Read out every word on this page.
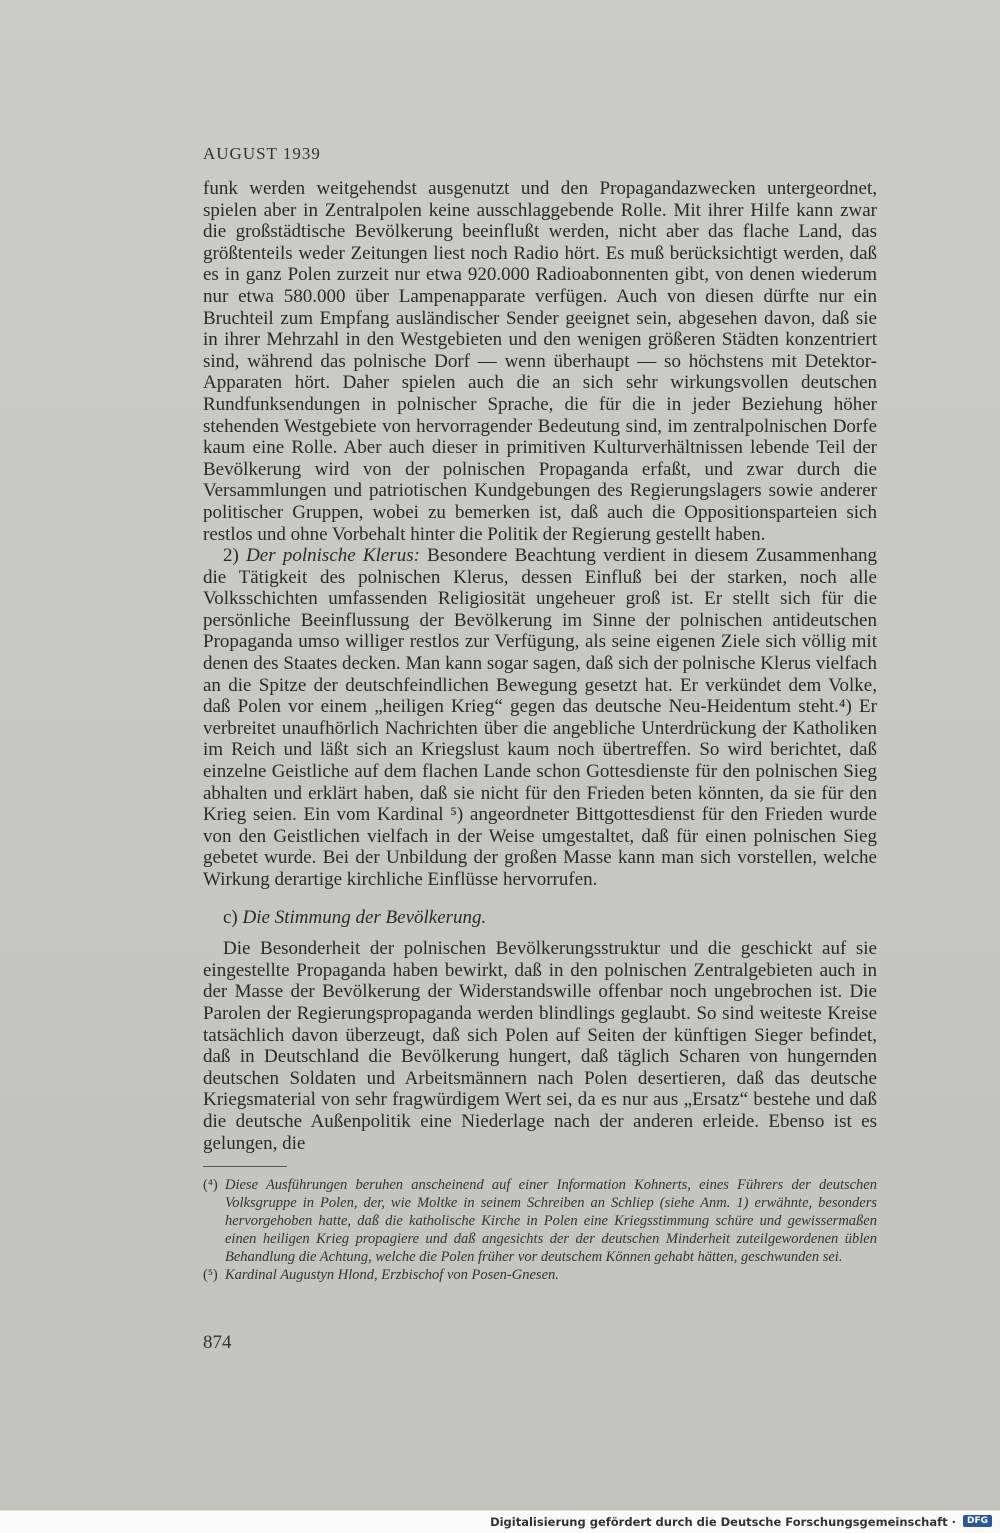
AUGUST 1939

funk werden weitgehendst ausgenutzt und den Propagandazwecken untergeordnet, spielen aber in Zentralpolen keine ausschlaggebende Rolle. Mit ihrer Hilfe kann zwar die großstädtische Bevölkerung beeinflußt werden, nicht aber das flache Land, das größtenteils weder Zeitungen liest noch Radio hört. Es muß berücksichtigt werden, daß es in ganz Polen zurzeit nur etwa 920.000 Radioabonnenten gibt, von denen wiederum nur etwa 580.000 über Lampenapparate verfügen. Auch von diesen dürfte nur ein Bruchteil zum Empfang ausländischer Sender geeignet sein, abgesehen davon, daß sie in ihrer Mehrzahl in den Westgebieten und den wenigen größeren Städten konzentriert sind, während das polnische Dorf — wenn überhaupt — so höchstens mit Detektor-Apparaten hört. Daher spielen auch die an sich sehr wirkungsvollen deutschen Rundfunksendungen in polnischer Sprache, die für die in jeder Beziehung höher stehenden Westgebiete von hervorragender Bedeutung sind, im zentralpolnischen Dorfe kaum eine Rolle. Aber auch dieser in primitiven Kulturverhältnissen lebende Teil der Bevölkerung wird von der polnischen Propaganda erfaßt, und zwar durch die Versammlungen und patriotischen Kundgebungen des Regierungslagers sowie anderer politischer Gruppen, wobei zu bemerken ist, daß auch die Oppositionsparteien sich restlos und ohne Vorbehalt hinter die Politik der Regierung gestellt haben.

2) Der polnische Klerus: Besondere Beachtung verdient in diesem Zusammenhang die Tätigkeit des polnischen Klerus, dessen Einfluß bei der starken, noch alle Volksschichten umfassenden Religiosität ungeheuer groß ist. Er stellt sich für die persönliche Beeinflussung der Bevölkerung im Sinne der polnischen antideutschen Propaganda umso williger restlos zur Verfügung, als seine eigenen Ziele sich völlig mit denen des Staates decken. Man kann sogar sagen, daß sich der polnische Klerus vielfach an die Spitze der deutschfeindlichen Bewegung gesetzt hat. Er verkündet dem Volke, daß Polen vor einem „heiligen Krieg“ gegen das deutsche Neu-Heidentum steht.⁴) Er verbreitet unaufhörlich Nachrichten über die angebliche Unterdrückung der Katholiken im Reich und läßt sich an Kriegslust kaum noch übertreffen. So wird berichtet, daß einzelne Geistliche auf dem flachen Lande schon Gottesdienste für den polnischen Sieg abhalten und erklärt haben, daß sie nicht für den Frieden beten könnten, da sie für den Krieg seien. Ein vom Kardinal ⁵) angeordneter Bittgottesdienst für den Frieden wurde von den Geistlichen vielfach in der Weise umgestaltet, daß für einen polnischen Sieg gebetet wurde. Bei der Unbildung der großen Masse kann man sich vorstellen, welche Wirkung derartige kirchliche Einflüsse hervorrufen.

c) Die Stimmung der Bevölkerung.

Die Besonderheit der polnischen Bevölkerungsstruktur und die geschickt auf sie eingestellte Propaganda haben bewirkt, daß in den polnischen Zentralgebieten auch in der Masse der Bevölkerung der Widerstandswille offenbar noch ungebrochen ist. Die Parolen der Regierungspropaganda werden blindlings geglaubt. So sind weiteste Kreise tatsächlich davon überzeugt, daß sich Polen auf Seiten der künftigen Sieger befindet, daß in Deutschland die Bevölkerung hungert, daß täglich Scharen von hungernden deutschen Soldaten und Arbeitsmännern nach Polen desertieren, daß das deutsche Kriegsmaterial von sehr fragwürdigem Wert sei, da es nur aus „Ersatz“ bestehe und daß die deutsche Außenpolitik eine Niederlage nach der anderen erleide. Ebenso ist es gelungen, die

(⁴) Diese Ausführungen beruhen anscheinend auf einer Information Kohnerts, eines Führers der deutschen Volksgruppe in Polen, der, wie Moltke in seinem Schreiben an Schliep (siehe Anm. 1) erwähnte, besonders hervorgehoben hatte, daß die katholische Kirche in Polen eine Kriegsstimmung schüre und gewissermaßen einen heiligen Krieg propagiere und daß angesichts der der deutschen Minderheit zuteilgewordenen üblen Behandlung die Achtung, welche die Polen früher vor deutschem Können gehabt hätten, geschwunden sei.

(⁵) Kardinal Augustyn Hlond, Erzbischof von Posen-Gnesen.

874
Digitalisierung gefördert durch die Deutsche Forschungsgemeinschaft ·	DFG
